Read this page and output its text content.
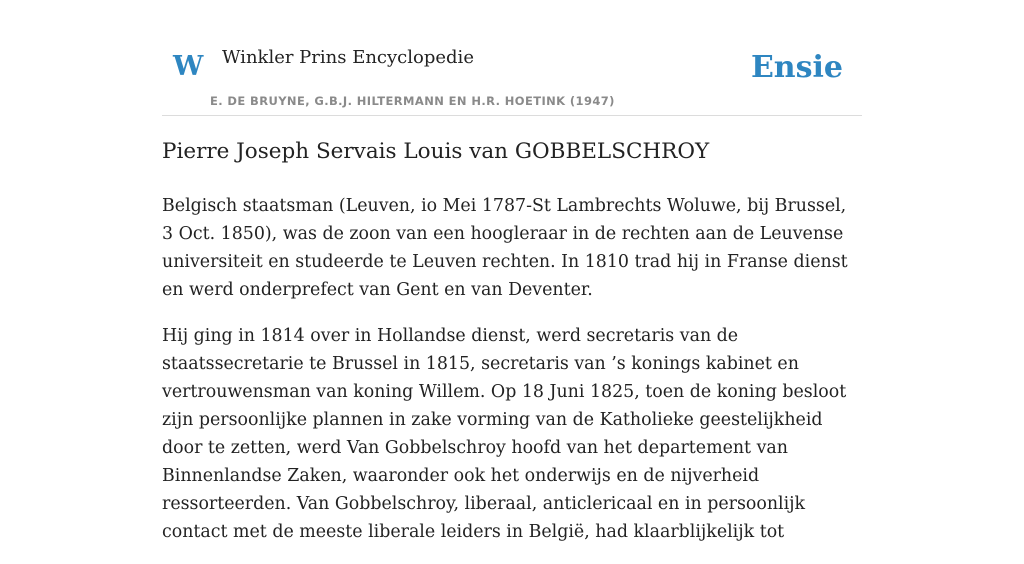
W Winkler Prins Encyclopedie
E. DE BRUYNE, G.B.J. HILTERMANN EN H.R. HOETINK (1947)
Ensie
Pierre Joseph Servais Louis van GOBBELSCHROY

Belgisch staatsman (Leuven, io Mei 1787-St Lambrechts Woluwe, bij Brussel, 3 Oct. 1850), was de zoon van een hoogleraar in de rechten aan de Leuvense universiteit en studeerde te Leuven rechten. In 1810 trad hij in Franse dienst en werd onderprefect van Gent en van Deventer.

Hij ging in 1814 over in Hollandse dienst, werd secretaris van de staatssecretarie te Brussel in 1815, secretaris van ’s konings kabinet en vertrouwensman van koning Willem. Op 18 Juni 1825, toen de koning besloot zijn persoonlijke plannen in zake vorming van de Katholieke geestelijkheid door te zetten, werd Van Gobbelschroy hoofd van het departement van Binnenlandse Zaken, waaronder ook het onderwijs en de nijverheid ressorteerden. Van Gobbelschroy, liberaal, anticlericaal en in persoonlijk contact met de meeste liberale leiders in België, had klaarblijkelijk tot
